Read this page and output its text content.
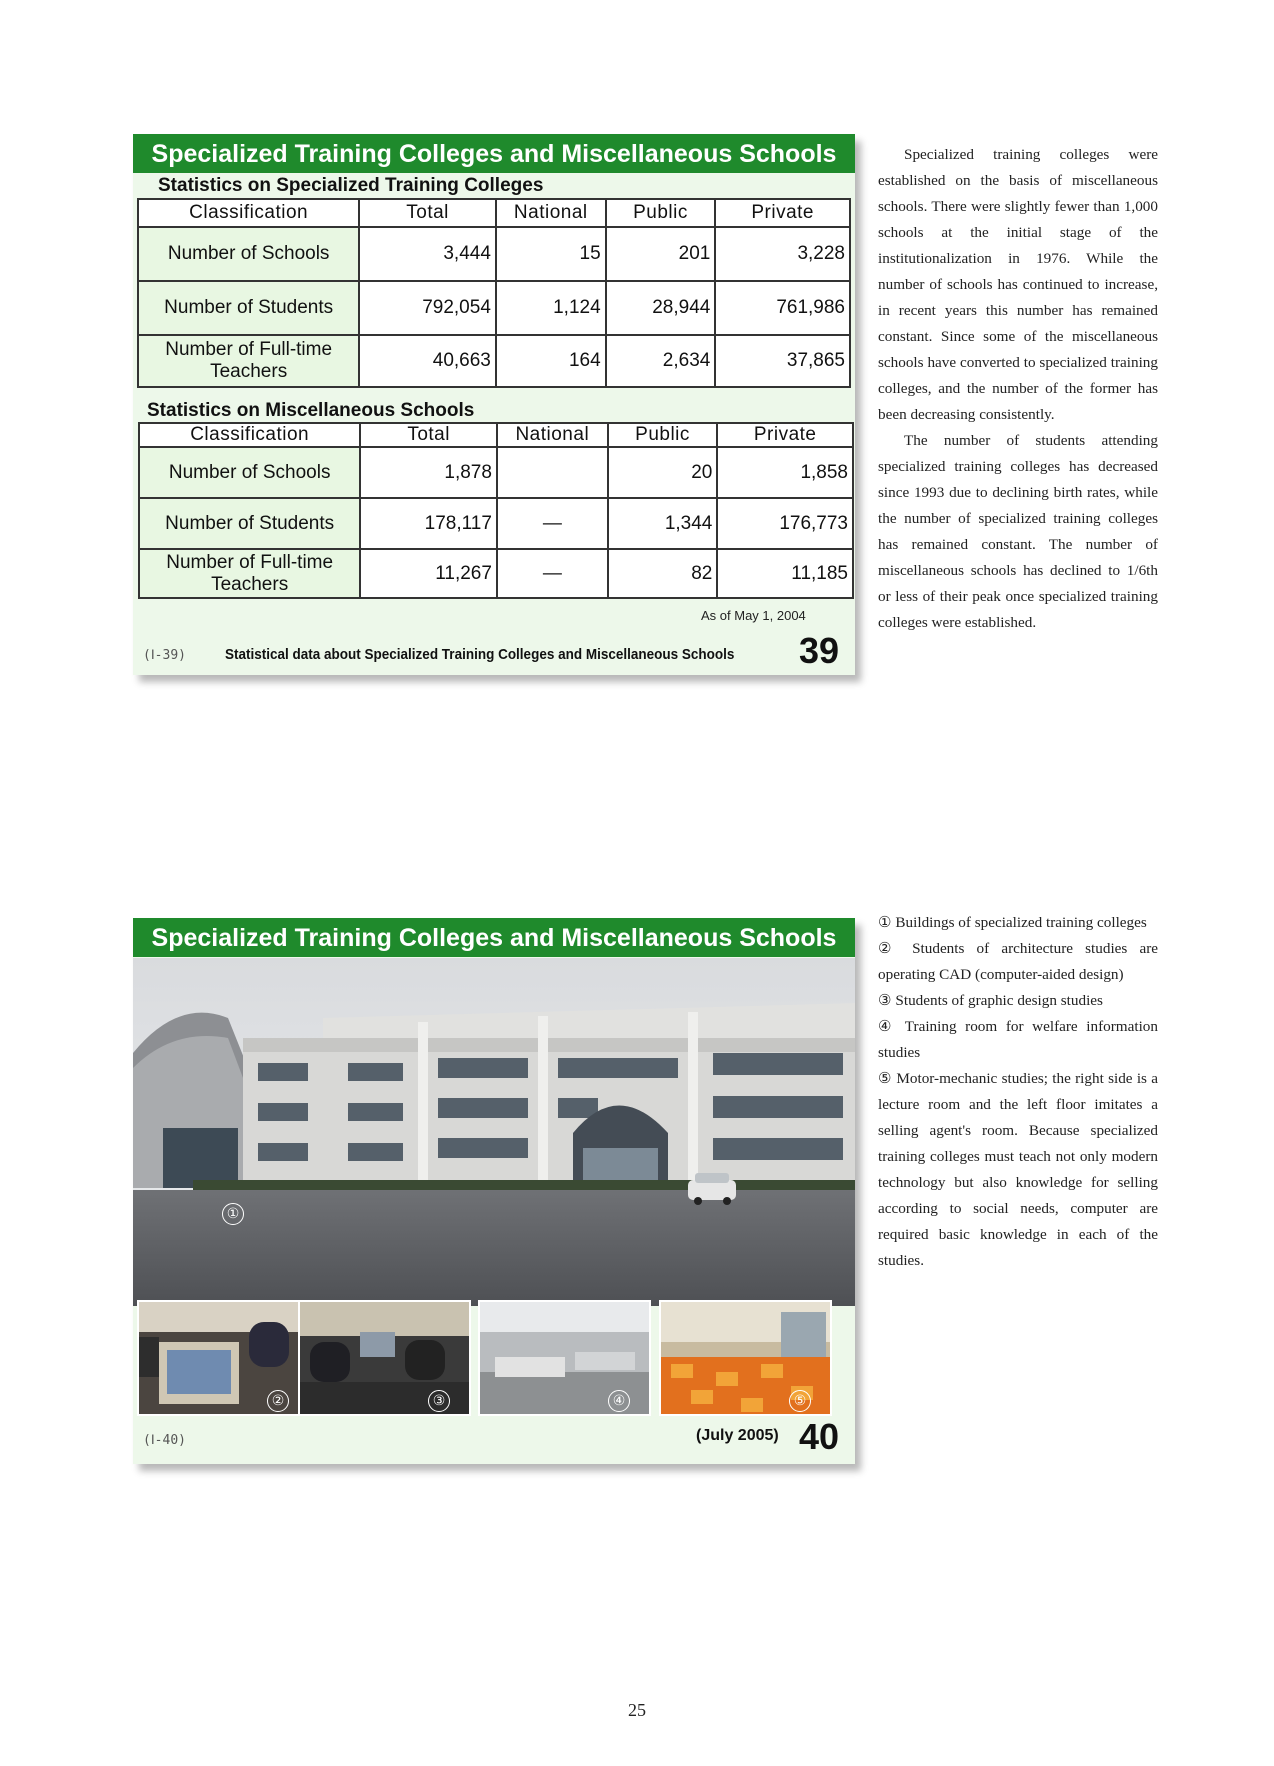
Specialized Training Colleges and Miscellaneous Schools
Statistics on Specialized Training Colleges
Classification	Total	National	Public	Private
Number of Schools	3,444	15	201	3,228
Number of Students	792,054	1,124	28,944	761,986
Number of Full-time Teachers	40,663	164	2,634	37,865
Statistics on Miscellaneous Schools
Classification	Total	National	Public	Private
Number of Schools	1,878		20	1,858
Number of Students	178,117	—	1,344	176,773
Number of Full-time Teachers	11,267	—	82	11,185
As of May 1, 2004
(Ⅰ-39)	Statistical data about Specialized Training Colleges and Miscellaneous Schools 39
Specialized Training Colleges and Miscellaneous Schools
①
②	③	④	⑤
(Ⅰ-40)	(July 2005) 40

Specialized training colleges were established on the basis of miscellaneous schools. There were slightly fewer than 1,000 schools at the initial stage of the institutionalization in 1976. While the number of schools has continued to increase, in recent years this number has remained constant. Since some of the miscellaneous schools have converted to specialized training colleges, and the number of the former has been decreasing consistently.

The number of students attending specialized training colleges has decreased since 1993 due to declining birth rates, while the number of specialized training colleges has remained constant. The number of miscellaneous schools has declined to 1/6th or less of their peak once specialized training colleges were established.

① Buildings of specialized training colleges

② Students of architecture studies are operating CAD (computer-aided design)

③ Students of graphic design studies

④ Training room for welfare information studies

⑤ Motor-mechanic studies; the right side is a lecture room and the left floor imitates a selling agent's room. Because specialized training colleges must teach not only modern technology but also knowledge for selling according to social needs, computer are required basic knowledge in each of the studies.

25
